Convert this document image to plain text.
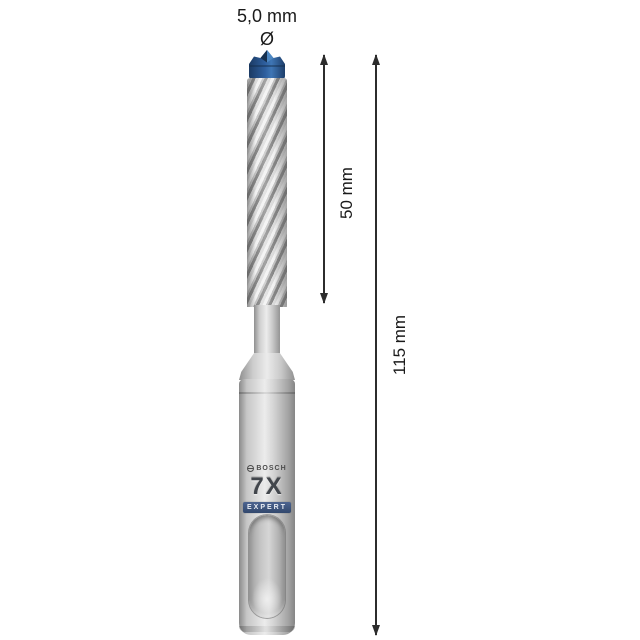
5,0 mm
Ø
BOSCH
7X
EXPERT
50 mm
115 mm
